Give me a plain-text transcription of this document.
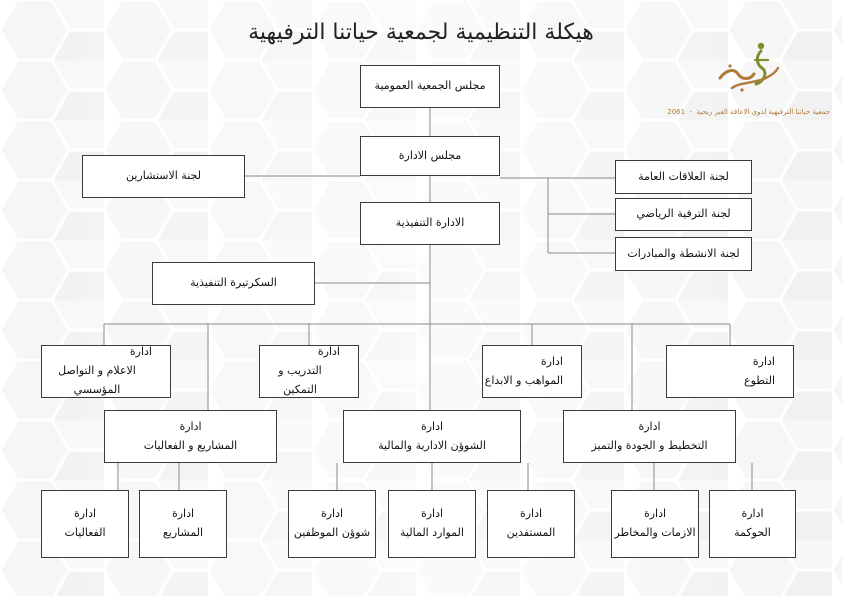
هيكلة التنظيمية لجمعية حياتنا الترفيهية
جمعية حياتنا الترفيهية لذوي الاعاقة الغير ربحية  -  2061
مجلس الجمعية العمومية
مجلس الادارة
لجنة الاستشارين	لجنة العلاقات العامة
لجنة الترفية الرياضي
لجنة الانشطة والمبادرات
الادارة التنفيذية
السكرتيرة التنفيذية
ادارة
الاعلام و التواصل المؤسسي
ادارة
التدريب و التمكين
ادارة
المواهب و الابداع
ادارة
التطوع
ادارة
المشاريع و الفعاليات
ادارة
الشوؤن الادارية والمالية
ادارة
التخطيط و الجودة والتميز
ادارة
الفعاليات
ادارة
المشاريع
ادارة
شوؤن الموظفين
ادارة
الموارد المالية
ادارة
المستفدين
ادارة
الازمات والمخاطر
ادارة
الحوكمة
